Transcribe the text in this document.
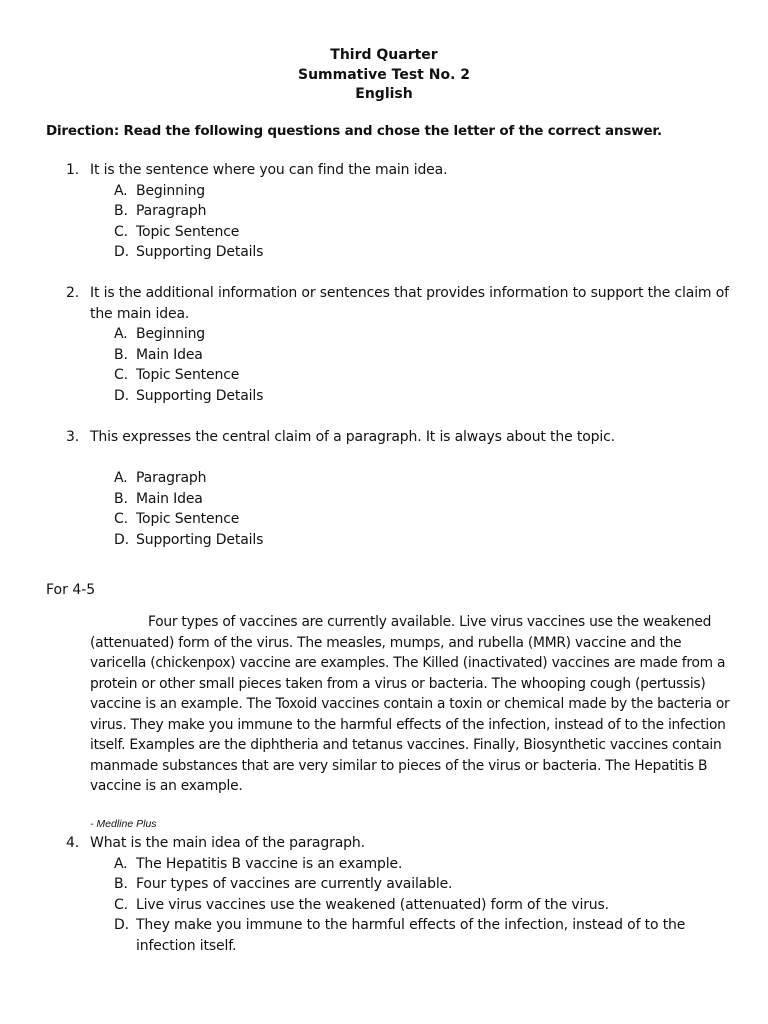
Third Quarter
Summative Test No. 2
English
Direction: Read the following questions and chose the letter of the correct answer.
1. It is the sentence where you can find the main idea.
A. Beginning
B. Paragraph
C. Topic Sentence
D. Supporting Details
2. It is the additional information or sentences that provides information to support the claim of the main idea.
A. Beginning
B. Main Idea
C. Topic Sentence
D. Supporting Details
3. This expresses the central claim of a paragraph. It is always about the topic.
A. Paragraph
B. Main Idea
C. Topic Sentence
D. Supporting Details
For 4-5
Four types of vaccines are currently available. Live virus vaccines use the weakened (attenuated) form of the virus. The measles, mumps, and rubella (MMR) vaccine and the varicella (chickenpox) vaccine are examples. The Killed (inactivated) vaccines are made from a protein or other small pieces taken from a virus or bacteria. The whooping cough (pertussis) vaccine is an example. The Toxoid vaccines contain a toxin or chemical made by the bacteria or virus. They make you immune to the harmful effects of the infection, instead of to the infection itself. Examples are the diphtheria and tetanus vaccines. Finally, Biosynthetic vaccines contain manmade substances that are very similar to pieces of the virus or bacteria. The Hepatitis B vaccine is an example.
- Medline Plus
4. What is the main idea of the paragraph.
A. The Hepatitis B vaccine is an example.
B. Four types of vaccines are currently available.
C. Live virus vaccines use the weakened (attenuated) form of the virus.
D. They make you immune to the harmful effects of the infection, instead of to the
infection itself.
